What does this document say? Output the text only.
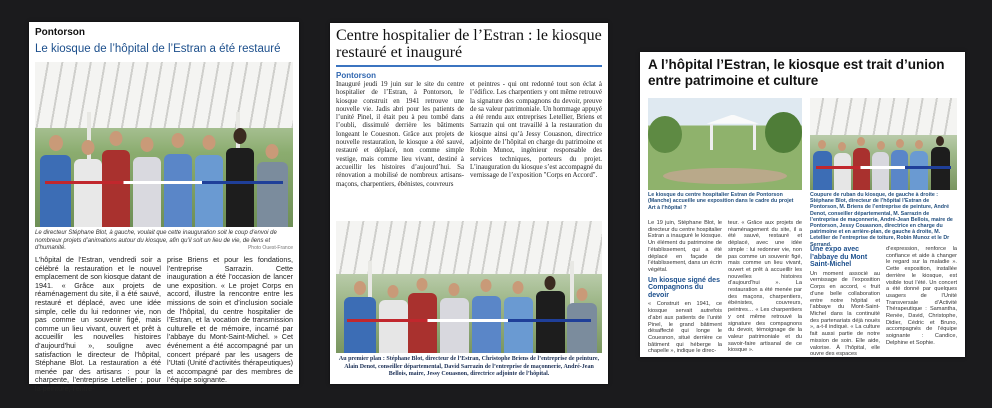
Pontorson
Le kiosque de l’hôpital de l’Estran a été restauré
Le directeur Stéphane Blot, à gauche, voulait que cette inauguration soit le coup d’envoi de nombreux projets d’animations autour du kiosque, afin qu’il soit un lieu de vie, de liens et d’humanité.	Photo Ouest-France
L’hôpital de l’Estran, vendredi soir a célébré la restauration et le nouvel emplacement de son kiosque datant de 1941. « Grâce aux projets de réaménagement du site, il a été sauvé, restauré et déplacé, avec une idée simple, celle du lui redonner vie, non pas comme un souvenir figé, mais comme un lieu vivant, ouvert et prêt à accueillir les nouvelles histoires d’aujourd’hui », souligne avec satisfaction le directeur de l’hôpital, Stéphane Blot. La restauration a été menée par des artisans : pour la charpente, l’entreprise Letellier ; pour la peinture, l’entre-
prise Briens et pour les fondations, l’entreprise Sarrazin. Cette inauguration a été l’occasion de lancer une exposition. « Le projet Corps en accord, illustre la rencontre entre les missions de soin et d’inclusion sociale de l’hôpital, du centre hospitalier de l’Estran, et la vocation de transmission culturelle et de mémoire, incarné par l’abbaye du Mont-Saint-Michel. » Cet événement a été accompagné par un concert préparé par les usagers de l’Utati (Unité d’activités thérapeutiques) et accompagné par des membres de l’équipe soignante.
Centre hospitalier de l’Estran : le kiosque restauré et inauguré
Pontorson
Inauguré jeudi 19 juin sur le site du centre hospitalier de l’Estran, à Pontorson, le kiosque construit en 1941 retrouve une nouvelle vie. Jadis abri pour les patients de l’unité Pinel, il était peu à peu tombé dans l’oubli, dissimulé derrière les bâtiments longeant le Couesnon. Grâce aux projets de nouvelle restauration, le kiosque a été sauvé, restauré et déplacé, non comme simple vestige, mais comme lieu vivant, destiné à accueillir les histoires d’aujourd’hui. Sa rénovation a mobilisé de nombreux artisans-maçons, charpentiers, ébénistes, couvreurs
et peintres - qui ont redonné tout son éclat à l’édifice. Les charpentiers y ont même retrouvé la signature des compagnons du devoir, preuve de sa valeur patrimoniale. Un hommage appuyé a été rendu aux entreprises Letellier, Briens et Sarrazin qui ont travaillé à la restauration du kiosque ainsi qu’à Jessy Couasnon, directrice adjointe de l’hôpital en charge du patrimoine et Robin Munoz, ingénieur responsable des services techniques, porteurs du projet. L’inauguration du kiosque s’est accompagné du vernissage de l’exposition "Corps en Accord".
Au premier plan : Stéphane Blot, directeur de l’Estran, Christophe Briens de l’entreprise de peinture, Alain Denot, conseiller départemental, David Sarrazin de l’entreprise de maçonnerie, André-Jean Bellois, maire, Jessy Couasnon, directrice adjointe de l’hôpital.
A l’hôpital l’Estran, le kiosque est trait d’union entre patrimoine et culture
Le kiosque du centre hospitalier Estran de Pontorson (Manche) accueille une exposition dans le cadre du projet Art à l’hôpital ?
Coupure de ruban du kiosque, de gauche à droite : Stéphane Blot, directeur de l’hôpital l’Estran de Pontorson, M. Briens de l’entreprise de peinture, André Denot, conseiller départemental, M. Sarrazin de l’entreprise de maçonnerie, André-Jean Bellois, maire de Pontorson, Jessy Couasnon, directrice en charge du patrimoine et en arrière-plan, de gauche à droite, M. Letellier de l’entreprise de toiture, Robin Munoz et le Dr Serrand.
Le 19 juin, Stéphane Blot, le directeur du centre hospitalier Estran a inauguré le kiosque. Un élément du patrimoine de l’établissement, qui a été déplacé en façade de l’établissement, dans un écrin végétal.
Un kiosque signé des Compagnons du devoir
« Construit en 1941, ce kiosque servait autrefois d’abri aux patients de l’unité Pinel, le grand bâtiment désaffecté qui longe le Couesnon, situé derrière ce bâtiment qui héberge la chapelle », indique le direc-
teur. « Grâce aux projets de réaménagement du site, il a été sauvé, restauré et déplacé, avec une idée simple : lui redonner vie, non pas comme un souvenir figé, mais comme un lieu vivant, ouvert et prêt à accueillir les nouvelles histoires d’aujourd’hui ». La restauration a été menée par des maçons, charpentiers, ébénistes, couvreurs, peintres… « Les charpentiers y ont même retrouvé la signature des compagnons du devoir, témoignage de la valeur patrimoniale et du savoir-faire artisanal de ce kiosque ».
Une expo avec l’abbaye du Mont Saint-Michel
Un moment associé au vernissage de l’exposition Corps en accord, « fruit d’une belle collaboration entre notre hôpital et l’abbaye du Mont-Saint-Michel dans la continuité des partenariats déjà noués », a-t-il indiqué. « La culture fait aussi partie de notre mission de soin. Elle aide, valorise. À l’hôpital, elle ouvre des espaces
d’expression, renforce la confiance et aide à changer le regard sur la maladie ». Cette exposition, installée derrière le kiosque, est visible tout l’été. Un concert a été donné par quelques usagers de l’Unité Transversale d’Activité Thérapeutique : Samantha, Renée, David, Christophe, Didier, Cédric et Bruno, accompagnés de l’équipe soignante : Candice, Delphine et Sophie.
